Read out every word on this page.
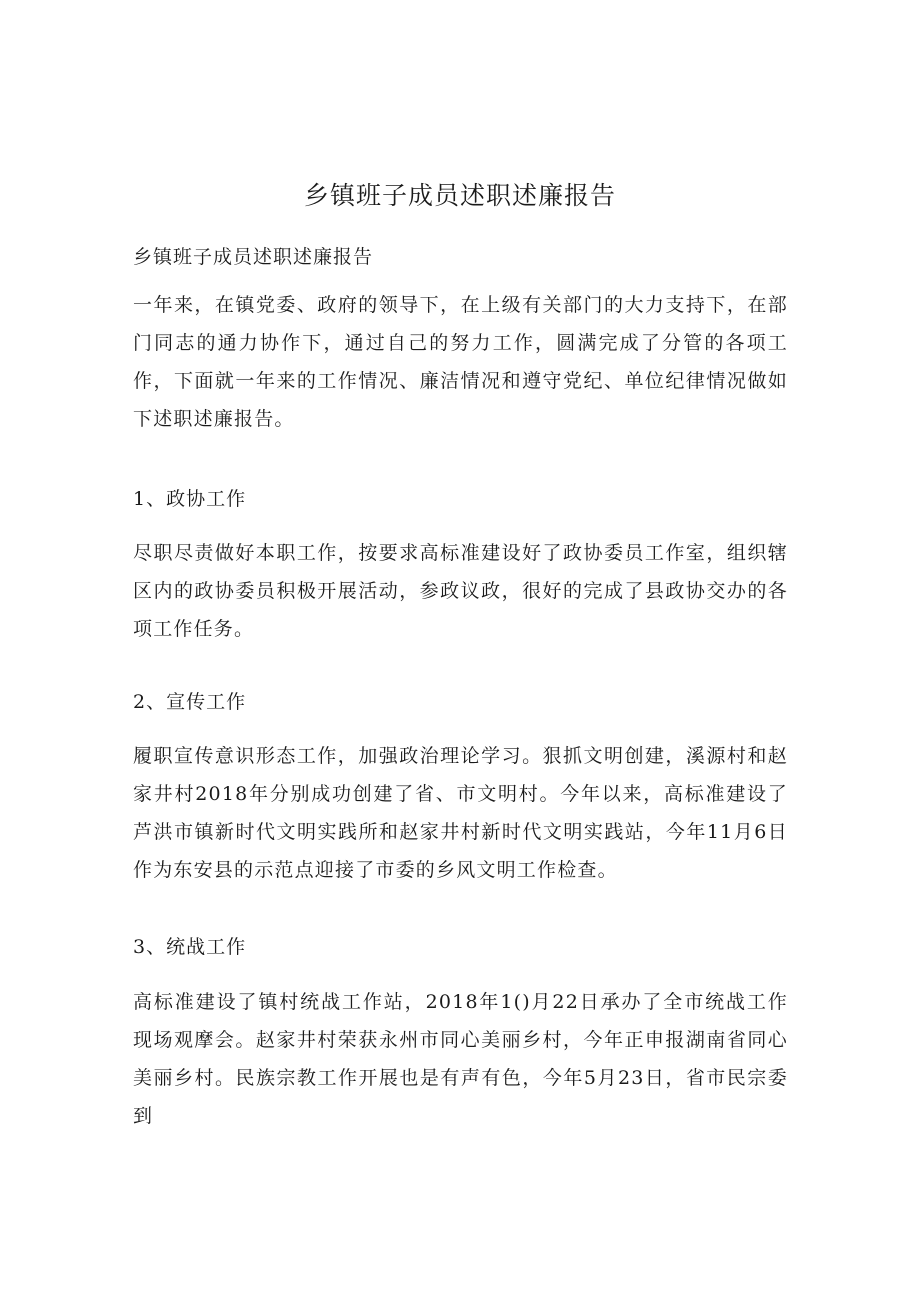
乡镇班子成员述职述廉报告

乡镇班子成员述职述廉报告

一年来，在镇党委、政府的领导下，在上级有关部门的大力支持下，在部门同志的通力协作下，通过自己的努力工作，圆满完成了分管的各项工作，下面就一年来的工作情况、廉洁情况和遵守党纪、单位纪律情况做如下述职述廉报告。

1、政协工作

尽职尽责做好本职工作，按要求高标准建设好了政协委员工作室，组织辖区内的政协委员积极开展活动，参政议政，很好的完成了县政协交办的各项工作任务。

2、宣传工作

履职宣传意识形态工作，加强政治理论学习。狠抓文明创建，溪源村和赵家井村2018年分别成功创建了省、市文明村。今年以来，高标准建设了芦洪市镇新时代文明实践所和赵家井村新时代文明实践站，今年11月6日作为东安县的示范点迎接了市委的乡风文明工作检查。

3、统战工作

高标准建设了镇村统战工作站，2018年1()月22日承办了全市统战工作现场观摩会。赵家井村荣获永州市同心美丽乡村，今年正申报湖南省同心美丽乡村。民族宗教工作开展也是有声有色，今年5月23日，省市民宗委到
